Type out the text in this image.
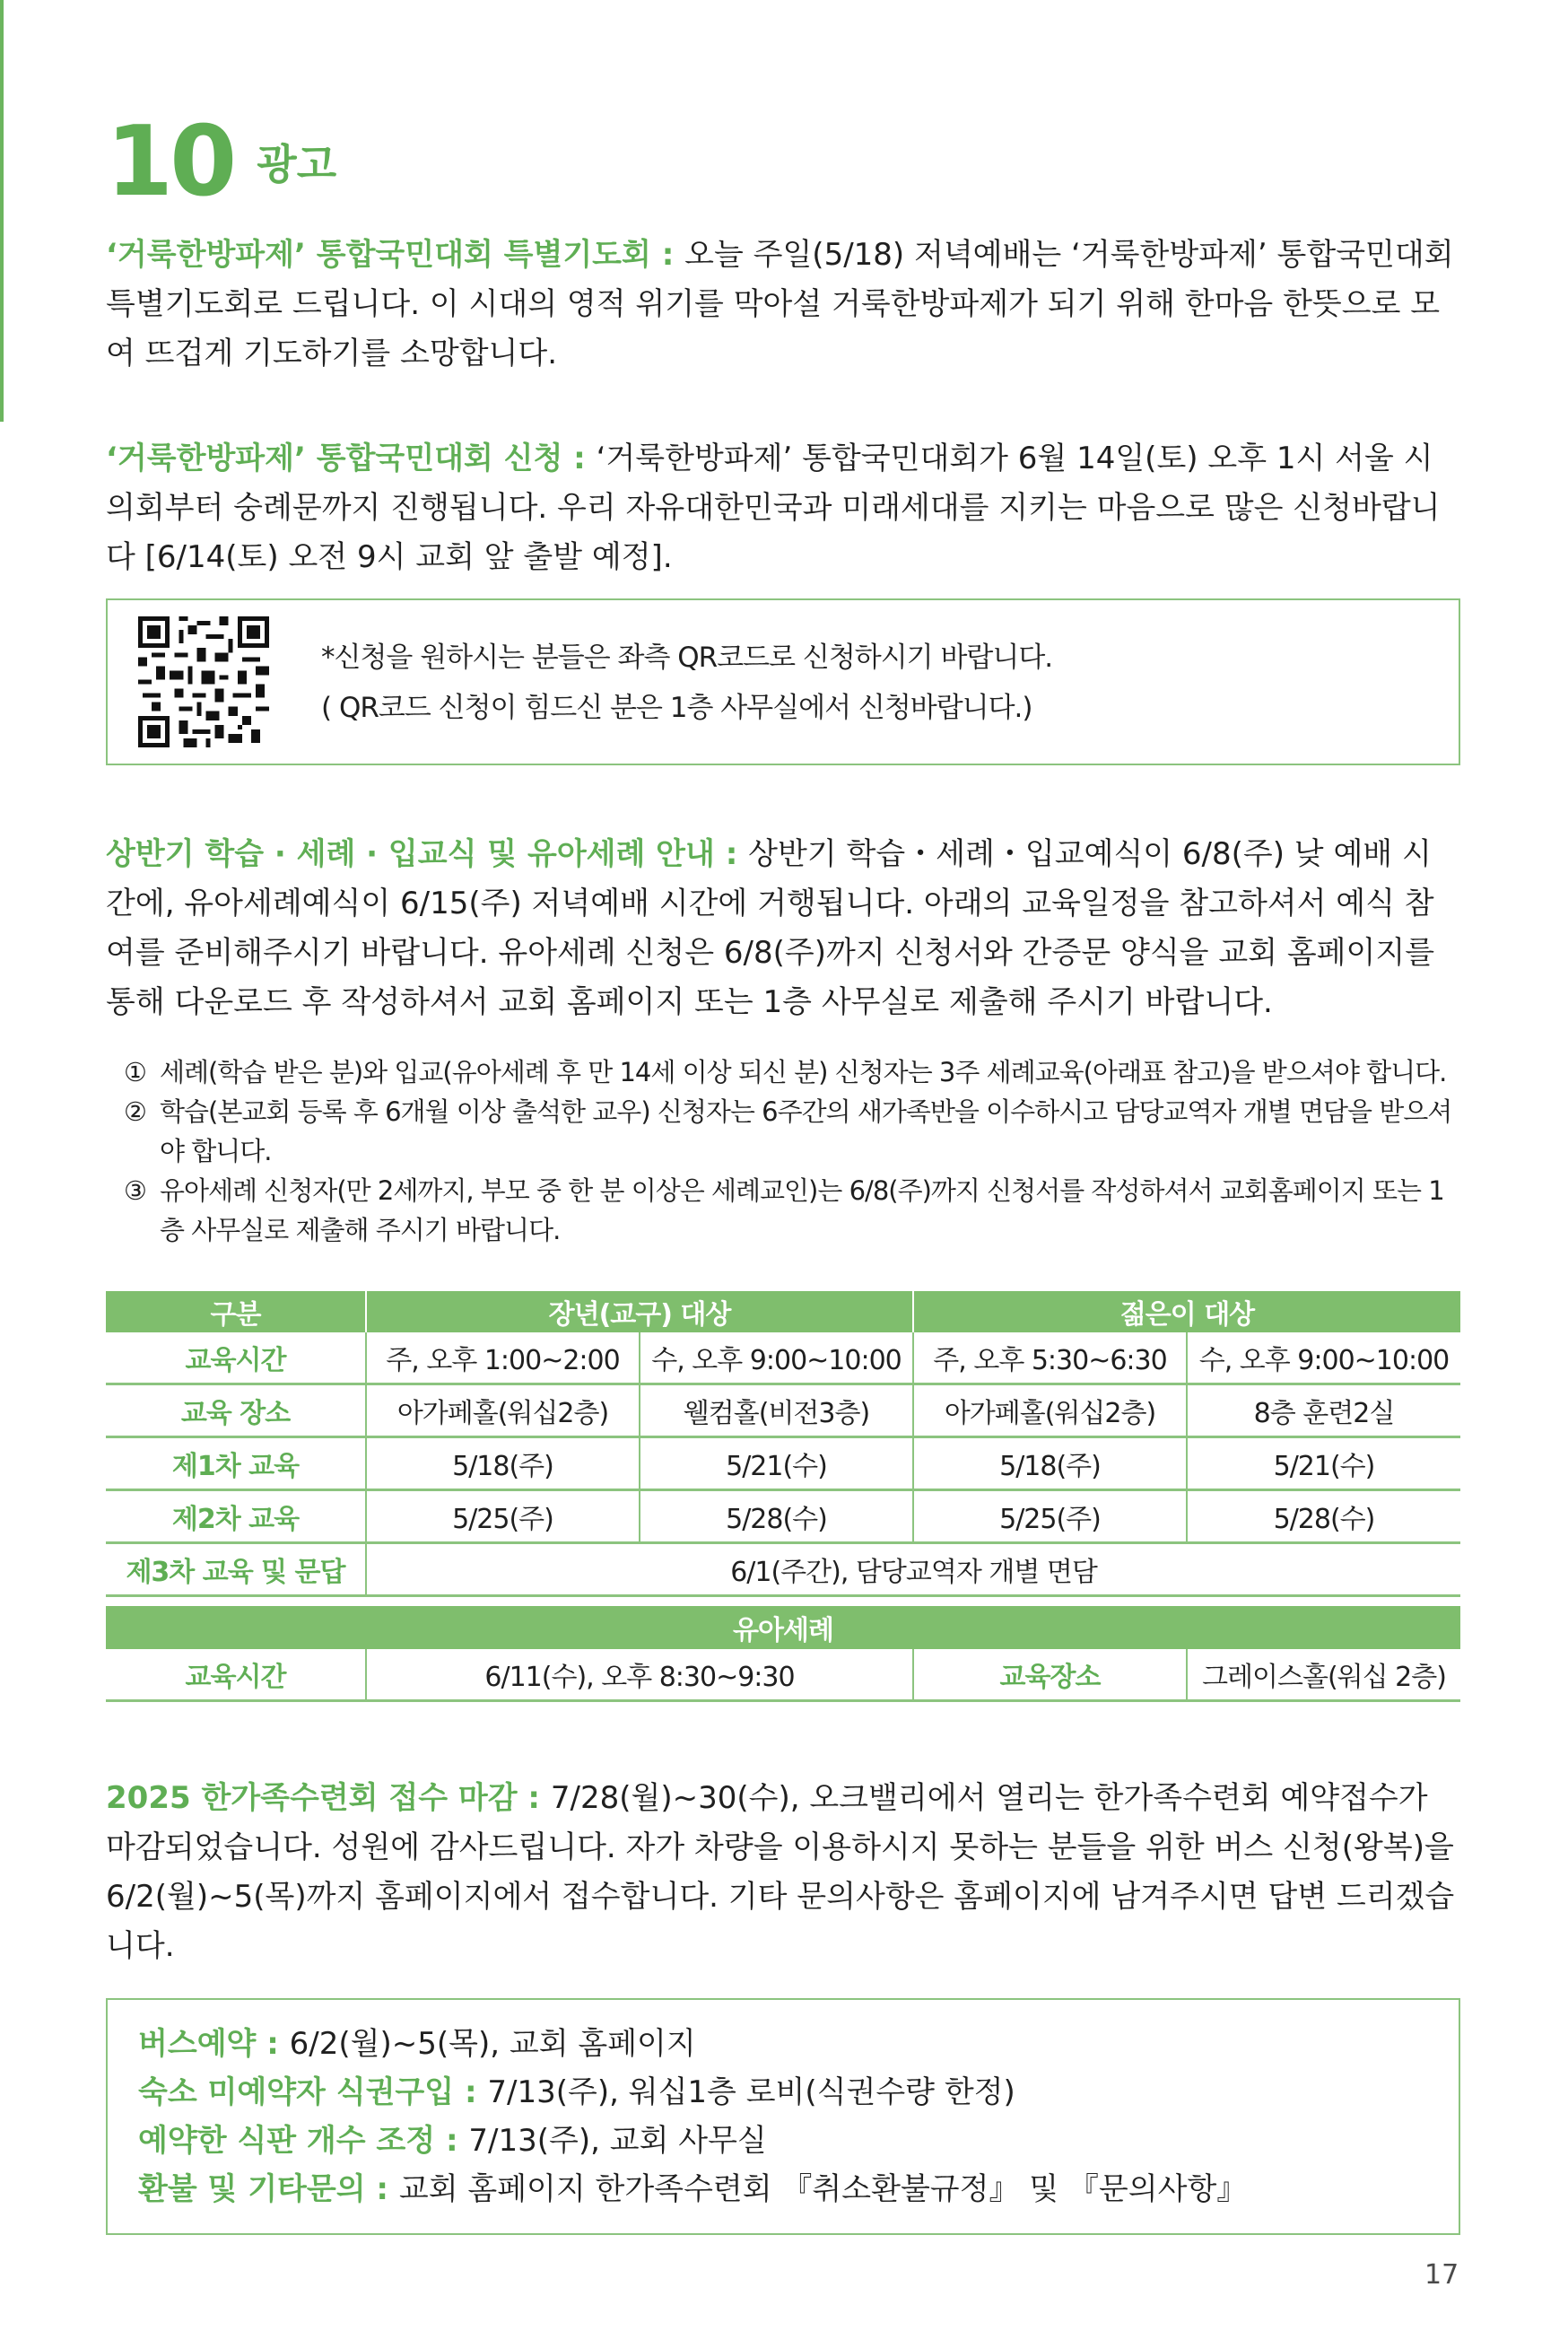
10 광고

‘거룩한방파제’ 통합국민대회 특별기도회 : 오늘 주일(5/18) 저녁예배는 ‘거룩한방파제’ 통합국민대회 특별기도회로 드립니다. 이 시대의 영적 위기를 막아설 거룩한방파제가 되기 위해 한마음 한뜻으로 모여 뜨겁게 기도하기를 소망합니다.

‘거룩한방파제’ 통합국민대회 신청 : ‘거룩한방파제’ 통합국민대회가 6월 14일(토) 오후 1시 서울 시의회부터 숭례문까지 진행됩니다. 우리 자유대한민국과 미래세대를 지키는 마음으로 많은 신청바랍니다 [6/14(토) 오전 9시 교회 앞 출발 예정].

*신청을 원하시는 분들은 좌측 QR코드로 신청하시기 바랍니다.
( QR코드 신청이 힘드신 분은 1층 사무실에서 신청바랍니다.)

상반기 학습 · 세례 · 입교식 및 유아세례 안내 : 상반기 학습・세례・입교예식이 6/8(주) 낮 예배 시간에, 유아세례예식이 6/15(주) 저녁예배 시간에 거행됩니다. 아래의 교육일정을 참고하셔서 예식 참여를 준비해주시기 바랍니다. 유아세례 신청은 6/8(주)까지 신청서와 간증문 양식을 교회 홈페이지를 통해 다운로드 후 작성하셔서 교회 홈페이지 또는 1층 사무실로 제출해 주시기 바랍니다.

① 세례(학습 받은 분)와 입교(유아세례 후 만 14세 이상 되신 분) 신청자는 3주 세례교육(아래표 참고)을 받으셔야 합니다.
② 학습(본교회 등록 후 6개월 이상 출석한 교우) 신청자는 6주간의 새가족반을 이수하시고 담당교역자 개별 면담을 받으셔야 합니다.
③ 유아세례 신청자(만 2세까지, 부모 중 한 분 이상은 세례교인)는 6/8(주)까지 신청서를 작성하셔서 교회홈페이지 또는 1층 사무실로 제출해 주시기 바랍니다.
구분	장년(교구) 대상		젊은이 대상	
교육시간	주, 오후 1:00~2:00	수, 오후 9:00~10:00	주, 오후 5:30~6:30	수, 오후 9:00~10:00
교육 장소	아가페홀(워십2층)	웰컴홀(비전3층)	아가페홀(워십2층)	8층 훈련2실
제1차 교육	5/18(주)	5/21(수)	5/18(주)	5/21(수)
제2차 교육	5/25(주)	5/28(수)	5/25(주)	5/28(수)
제3차 교육 및 문답	6/1(주간), 담당교역자 개별 면담			

유아세례				
교육시간	6/11(수), 오후 8:30~9:30		교육장소	그레이스홀(워십 2층)

2025 한가족수련회 접수 마감 : 7/28(월)~30(수), 오크밸리에서 열리는 한가족수련회 예약접수가 마감되었습니다. 성원에 감사드립니다. 자가 차량을 이용하시지 못하는 분들을 위한 버스 신청(왕복)을 6/2(월)~5(목)까지 홈페이지에서 접수합니다. 기타 문의사항은 홈페이지에 남겨주시면 답변 드리겠습니다.

버스예약 : 6/2(월)~5(목), 교회 홈페이지
숙소 미예약자 식권구입 : 7/13(주), 워십1층 로비(식권수량 한정)
예약한 식판 개수 조정 : 7/13(주), 교회 사무실
환불 및 기타문의 : 교회 홈페이지 한가족수련회 『취소환불규정』 및 『문의사항』
17
